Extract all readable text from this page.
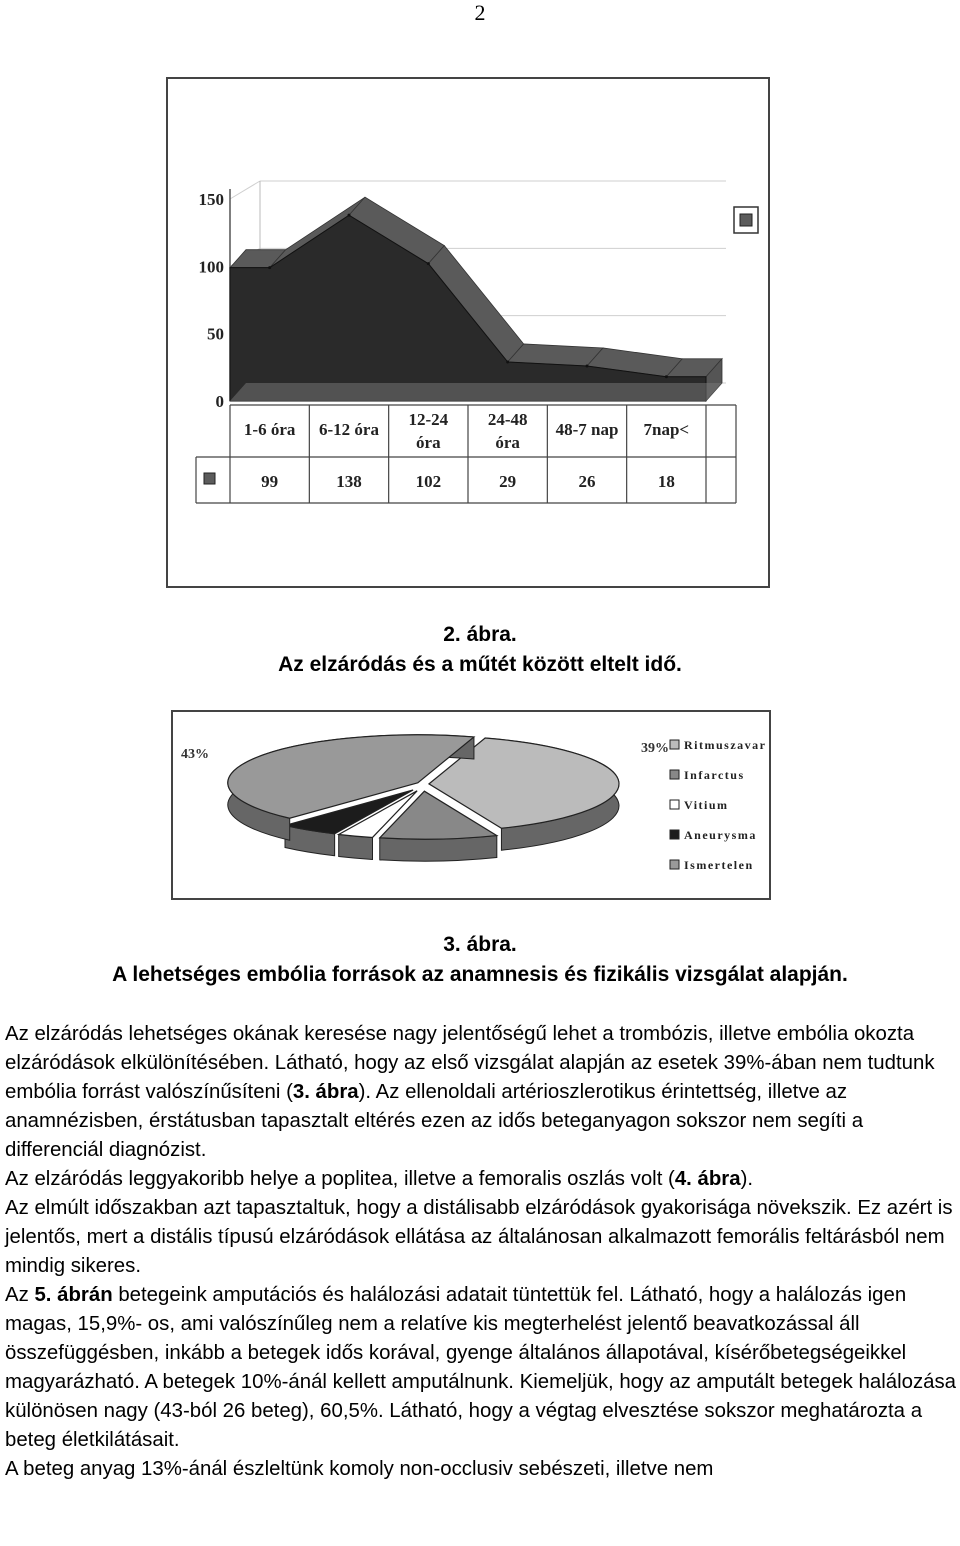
2
150
100
50
0
1-6 óra
99
6-12 óra
138
12-24
óra
102
24-48
óra
29
48-7 nap
26
7nap<
18
2. ábra.
Az elzáródás és a műtét között eltelt idő.
43%	39% Ritmuszavar
Infarctus
Vitium
Aneurysma
Ismertelen
3. ábra.
A lehetséges embólia források az anamnesis és fizikális vizsgálat alapján.

Az elzáródás lehetséges okának keresése nagy jelentőségű lehet a trombózis, illetve embólia okozta elzáródások elkülönítésében. Látható, hogy az első vizsgálat alapján az esetek 39%-ában nem tudtunk embólia forrást valószínűsíteni (3. ábra). Az ellenoldali artérioszlerotikus érintettség, illetve az anamnézisben, érstátusban tapasztalt eltérés ezen az idős beteganyagon sokszor nem segíti a differenciál diagnózist.

Az elzáródás leggyakoribb helye a poplitea, illetve a femoralis oszlás volt (4. ábra).

Az elmúlt időszakban azt tapasztaltuk, hogy a distálisabb elzáródások gyakorisága növekszik. Ez azért is jelentős, mert a distális típusú elzáródások ellátása az általánosan alkalmazott femorális feltárásból nem mindig sikeres.

Az 5. ábrán betegeink amputációs és halálozási adatait tüntettük fel. Látható, hogy a halálozás igen magas, 15,9%- os, ami valószínűleg nem a relatíve kis megterhelést jelentő beavatkozással áll összefüggésben, inkább a betegek idős korával, gyenge általános állapotával, kísérőbetegségeikkel magyarázható. A betegek 10%-ánál kellett amputálnunk. Kiemeljük, hogy az amputált betegek halálozása különösen nagy (43-ból 26 beteg), 60,5%. Látható, hogy a végtag elvesztése sokszor meghatározta a beteg életkilátásait.

A beteg anyag 13%-ánál észleltünk komoly non-occlusiv sebészeti, illetve nem
